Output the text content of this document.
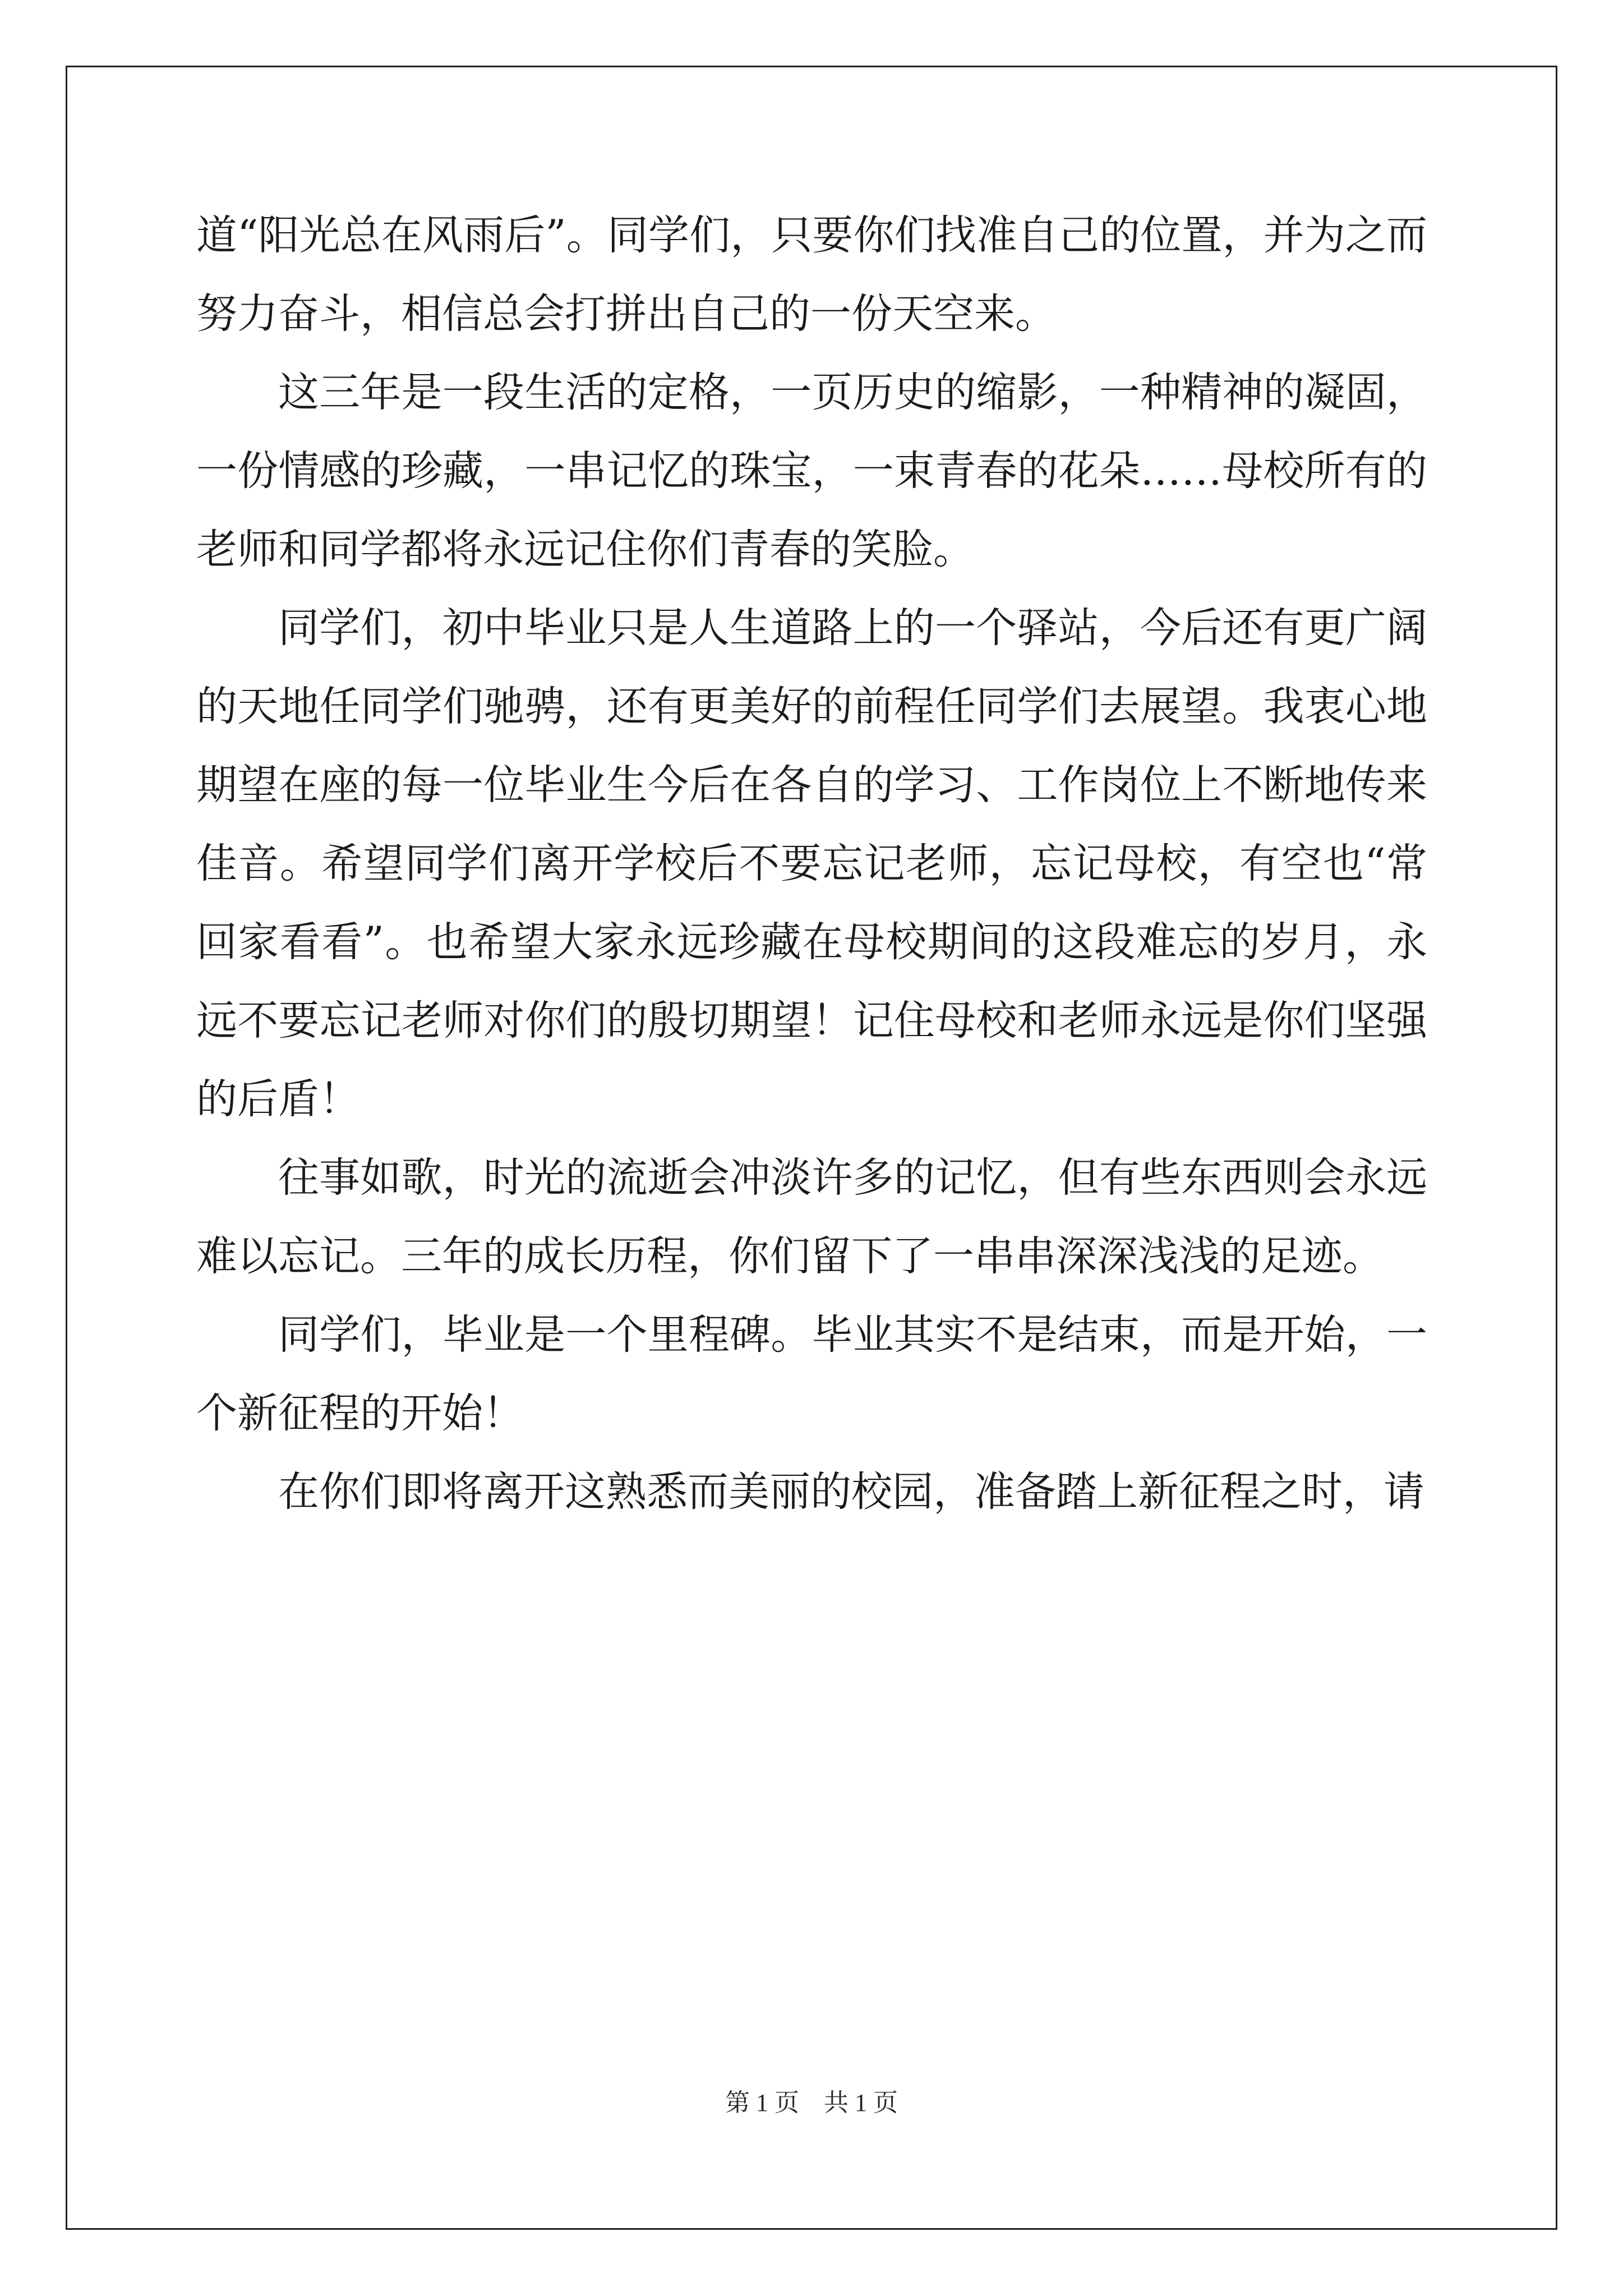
道“阳光总在风雨后”。同学们，只要你们找准自己的位置，并为之而努力奋斗，相信总会打拼出自己的一份天空来。

这三年是一段生活的定格，一页历史的缩影，一种精神的凝固，一份情感的珍藏，一串记忆的珠宝，一束青春的花朵……母校所有的老师和同学都将永远记住你们青春的笑脸。

同学们，初中毕业只是人生道路上的一个驿站，今后还有更广阔的天地任同学们驰骋，还有更美好的前程任同学们去展望。我衷心地期望在座的每一位毕业生今后在各自的学习、工作岗位上不断地传来佳音。希望同学们离开学校后不要忘记老师，忘记母校，有空也“常回家看看”。也希望大家永远珍藏在母校期间的这段难忘的岁月，永远不要忘记老师对你们的殷切期望！记住母校和老师永远是你们坚强的后盾！

往事如歌，时光的流逝会冲淡许多的记忆，但有些东西则会永远难以忘记。三年的成长历程，你们留下了一串串深深浅浅的足迹。

同学们，毕业是一个里程碑。毕业其实不是结束，而是开始，一个新征程的开始！

在你们即将离开这熟悉而美丽的校园，准备踏上新征程之时，请

第 1 页　共 1 页
